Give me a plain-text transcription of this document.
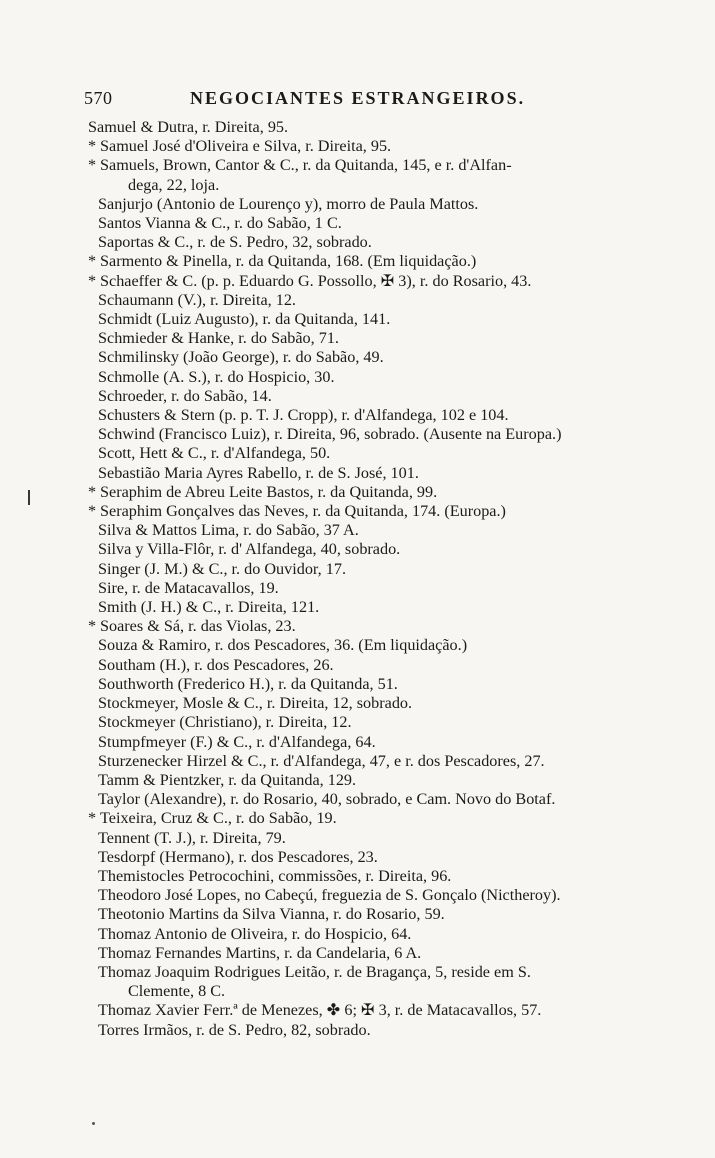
570	NEGOCIANTES ESTRANGEIROS.
Samuel & Dutra, r. Direita, 95.
* Samuel José d'Oliveira e Silva, r. Direita, 95.
* Samuels, Brown, Cantor & C., r. da Quitanda, 145, e r. d'Alfan-
dega, 22, loja.
Sanjurjo (Antonio de Lourenço y), morro de Paula Mattos.
Santos Vianna & C., r. do Sabão, 1 C.
Saportas & C., r. de S. Pedro, 32, sobrado.
* Sarmento & Pinella, r. da Quitanda, 168. (Em liquidação.)
* Schaeffer & C. (p. p. Eduardo G. Possollo, ✠ 3), r. do Rosario, 43.
Schaumann (V.), r. Direita, 12.
Schmidt (Luiz Augusto), r. da Quitanda, 141.
Schmieder & Hanke, r. do Sabão, 71.
Schmilinsky (João George), r. do Sabão, 49.
Schmolle (A. S.), r. do Hospicio, 30.
Schroeder, r. do Sabão, 14.
Schusters & Stern (p. p. T. J. Cropp), r. d'Alfandega, 102 e 104.
Schwind (Francisco Luiz), r. Direita, 96, sobrado. (Ausente na Europa.)
Scott, Hett & C., r. d'Alfandega, 50.
Sebastião Maria Ayres Rabello, r. de S. José, 101.
* Seraphim de Abreu Leite Bastos, r. da Quitanda, 99.
* Seraphim Gonçalves das Neves, r. da Quitanda, 174. (Europa.)
Silva & Mattos Lima, r. do Sabão, 37 A.
Silva y Villa-Flôr, r. d' Alfandega, 40, sobrado.
Singer (J. M.) & C., r. do Ouvidor, 17.
Sire, r. de Matacavallos, 19.
Smith (J. H.) & C., r. Direita, 121.
* Soares & Sá, r. das Violas, 23.
Souza & Ramiro, r. dos Pescadores, 36. (Em liquidação.)
Southam (H.), r. dos Pescadores, 26.
Southworth (Frederico H.), r. da Quitanda, 51.
Stockmeyer, Mosle & C., r. Direita, 12, sobrado.
Stockmeyer (Christiano), r. Direita, 12.
Stumpfmeyer (F.) & C., r. d'Alfandega, 64.
Sturzenecker Hirzel & C., r. d'Alfandega, 47, e r. dos Pescadores, 27.
Tamm & Pientzker, r. da Quitanda, 129.
Taylor (Alexandre), r. do Rosario, 40, sobrado, e Cam. Novo do Botaf.
* Teixeira, Cruz & C., r. do Sabão, 19.
Tennent (T. J.), r. Direita, 79.
Tesdorpf (Hermano), r. dos Pescadores, 23.
Themistocles Petrocochini, commissões, r. Direita, 96.
Theodoro José Lopes, no Cabeçú, freguezia de S. Gonçalo (Nictheroy).
Theotonio Martins da Silva Vianna, r. do Rosario, 59.
Thomaz Antonio de Oliveira, r. do Hospicio, 64.
Thomaz Fernandes Martins, r. da Candelaria, 6 A.
Thomaz Joaquim Rodrigues Leitão, r. de Bragança, 5, reside em S.
Clemente, 8 C.
Thomaz Xavier Ferr.ª de Menezes, ✤ 6; ✠ 3, r. de Matacavallos, 57.
Torres Irmãos, r. de S. Pedro, 82, sobrado.
